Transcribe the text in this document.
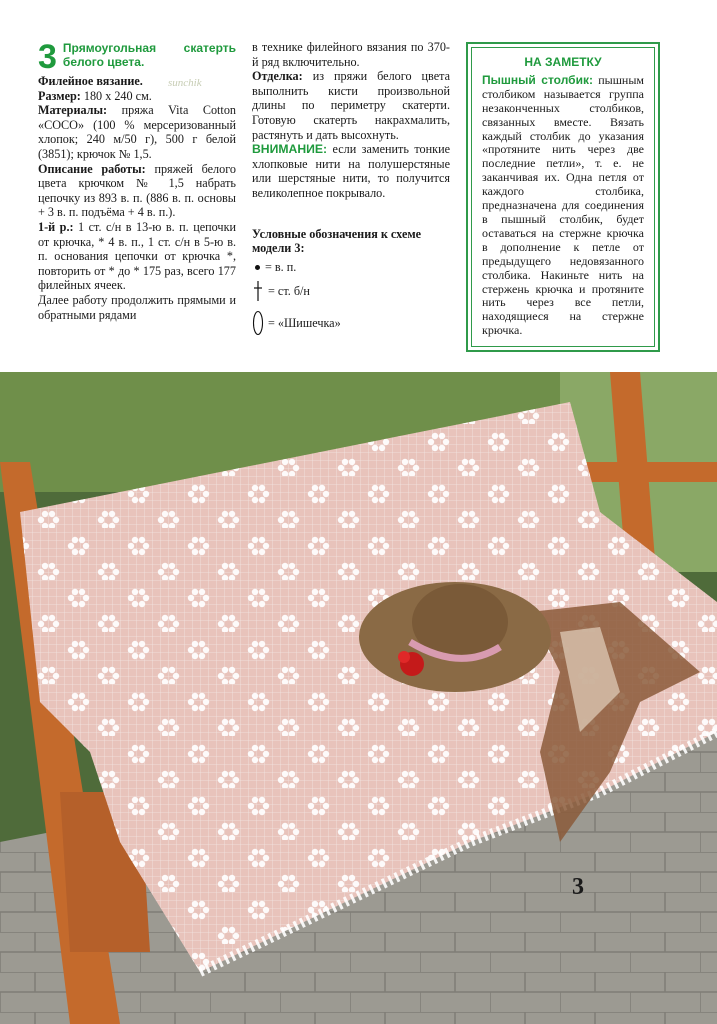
3 Прямоугольная скатерть белого цвета.

Филейное вязание.

Размер: 180 х 240 см.

Материалы: пряжа Vita Cotton «COCO» (100 % мерсеризованный хлопок; 240 м/50 г), 500 г белой (3851); крючок № 1,5.

Описание работы: пряжей белого цвета крючком № 1,5 набрать цепочку из 893 в. п. (886 в. п. основы + 3 в. п. подъёма + 4 в. п.).

1-й р.: 1 ст. с/н в 13-ю в. п. цепочки от крючка, * 4 в. п., 1 ст. с/н в 5-ю в. п. основания цепочки от крючка *, повторить от * до * 175 раз, всего 177 филейных ячеек.

Далее работу продолжить прямыми и обратными рядами

sunchik

в технике филейного вязания по 370-й ряд включительно.

Отделка: из пряжи белого цвета выполнить кисти произвольной длины по периметру скатерти. Готовую скатерть накрахмалить, растянуть и дать высохнуть.

ВНИМАНИЕ: если заменить тонкие хлопковые нити на полушерстяные или шерстяные нити, то получится великолепное покрывало.

Условные обозначения к схеме модели 3:

= в. п.
= ст. б/н
= «Шишечка»
НА ЗАМЕТКУ

Пышный столбик: пышным столбиком называется группа незаконченных столбиков, связанных вместе. Вязать каждый столбик до указания «протяните нить через две последние петли», т. е. не заканчивая их. Одна петля от каждого столбика, предназначена для соединения в пышный столбик, будет оставаться на стержне крючка в дополнение к петле от предыдущего недовязанного столбика. Накиньте нить на стержень крючка и протяните нить через все петли, находящиеся на стержне крючка.

3
